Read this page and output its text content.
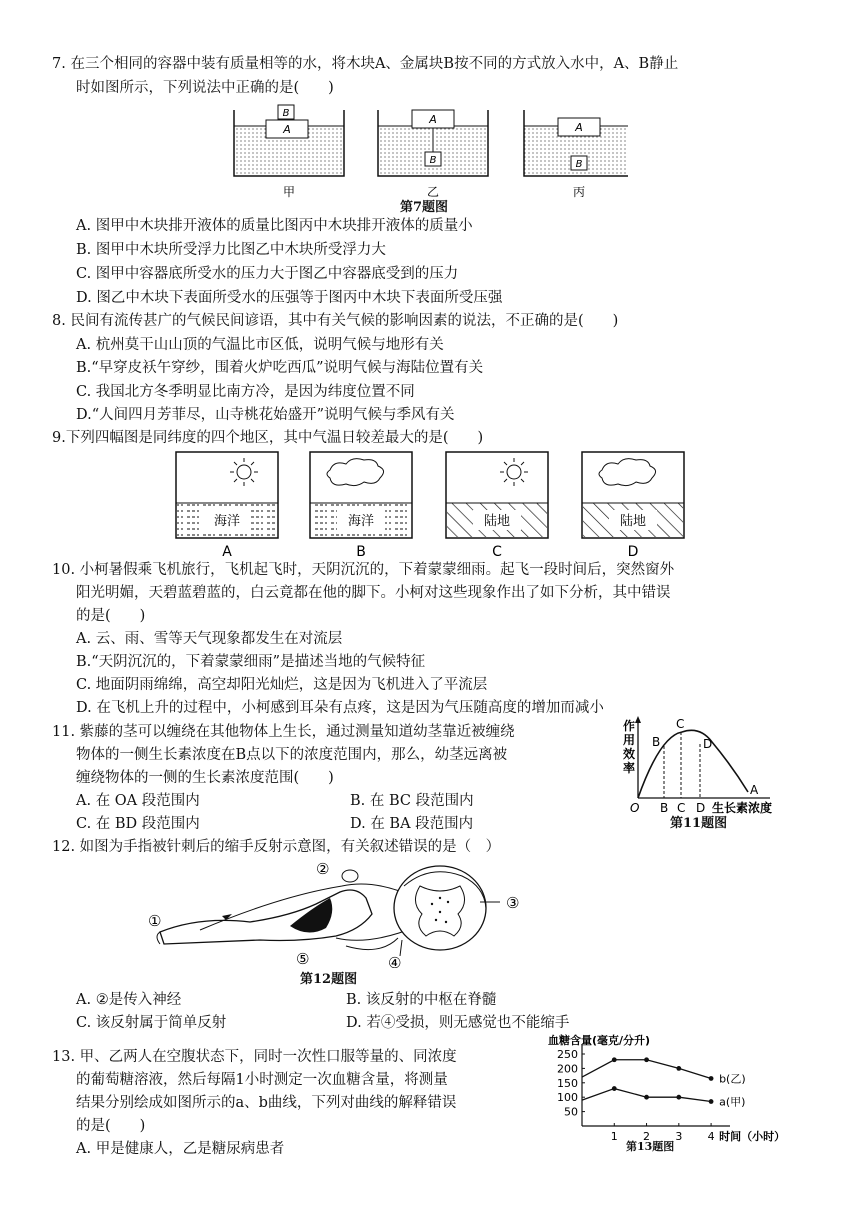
7. 在三个相同的容器中装有质量相等的水，将木块A、金属块B按不同的方式放入水中，A、B静止
时如图所示，下列说法中正确的是(　　)
A
B	A
B
A
B
甲	乙	丙
第7题图
A. 图甲中木块排开液体的质量比图丙中木块排开液体的质量小
B. 图甲中木块所受浮力比图乙中木块所受浮力大
C. 图甲中容器底所受水的压力大于图乙中容器底受到的压力
D. 图乙中木块下表面所受水的压强等于图丙中木块下表面所受压强
8. 民间有流传甚广的气候民间谚语，其中有关气候的影响因素的说法，不正确的是(　　)
A. 杭州莫干山山顶的气温比市区低，说明气候与地形有关
B.“早穿皮袄午穿纱，围着火炉吃西瓜”说明气候与海陆位置有关
C. 我国北方冬季明显比南方冷，是因为纬度位置不同
D.“人间四月芳菲尽，山寺桃花始盛开”说明气候与季风有关
9.下列四幅图是同纬度的四个地区，其中气温日较差最大的是(　　)
海洋
A
海洋
B
陆地
C
陆地
D
10. 小柯暑假乘飞机旅行，飞机起飞时，天阴沉沉的，下着蒙蒙细雨。起飞一段时间后，突然窗外
阳光明媚，天碧蓝碧蓝的，白云竟都在他的脚下。小柯对这些现象作出了如下分析，其中错误
的是(　　)
A. 云、雨、雪等天气现象都发生在对流层
B.“天阴沉沉的，下着蒙蒙细雨”是描述当地的气候特征
C. 地面阴雨绵绵，高空却阳光灿烂，这是因为飞机进入了平流层
D. 在飞机上升的过程中，小柯感到耳朵有点疼，这是因为气压随高度的增加而减小
11. 紫藤的茎可以缠绕在其他物体上生长，通过测量知道幼茎靠近被缠绕
物体的一侧生长素浓度在B点以下的浓度范围内，那么，幼茎远离被
缠绕物体的一侧的生长素浓度范围(　　)
A. 在 OA 段范围内	B. 在 BC 段范围内
C. 在 BD 段范围内	D. 在 BA 段范围内
作
用
效
率
B
C
D
A
O B C D 生长素浓度
第11题图
12. 如图为手指被针刺后的缩手反射示意图，有关叙述错误的是（　）
①
②
③
④
⑤
第12题图
A. ②是传入神经	B. 该反射的中枢在脊髓
C. 该反射属于简单反射	D. 若④受损，则无感觉也不能缩手
13. 甲、乙两人在空腹状态下，同时一次性口服等量的、同浓度
的葡萄糖溶液，然后每隔1小时测定一次血糖含量，将测量
结果分别绘成如图所示的a、b曲线，下列对曲线的解释错误
的是(　　)
A. 甲是健康人，乙是糖尿病患者
血糖含量(毫克/分升)
50
100
150
200
250
1 2 3 4 时间（小时）
b(乙)
a(甲)
第13题图
